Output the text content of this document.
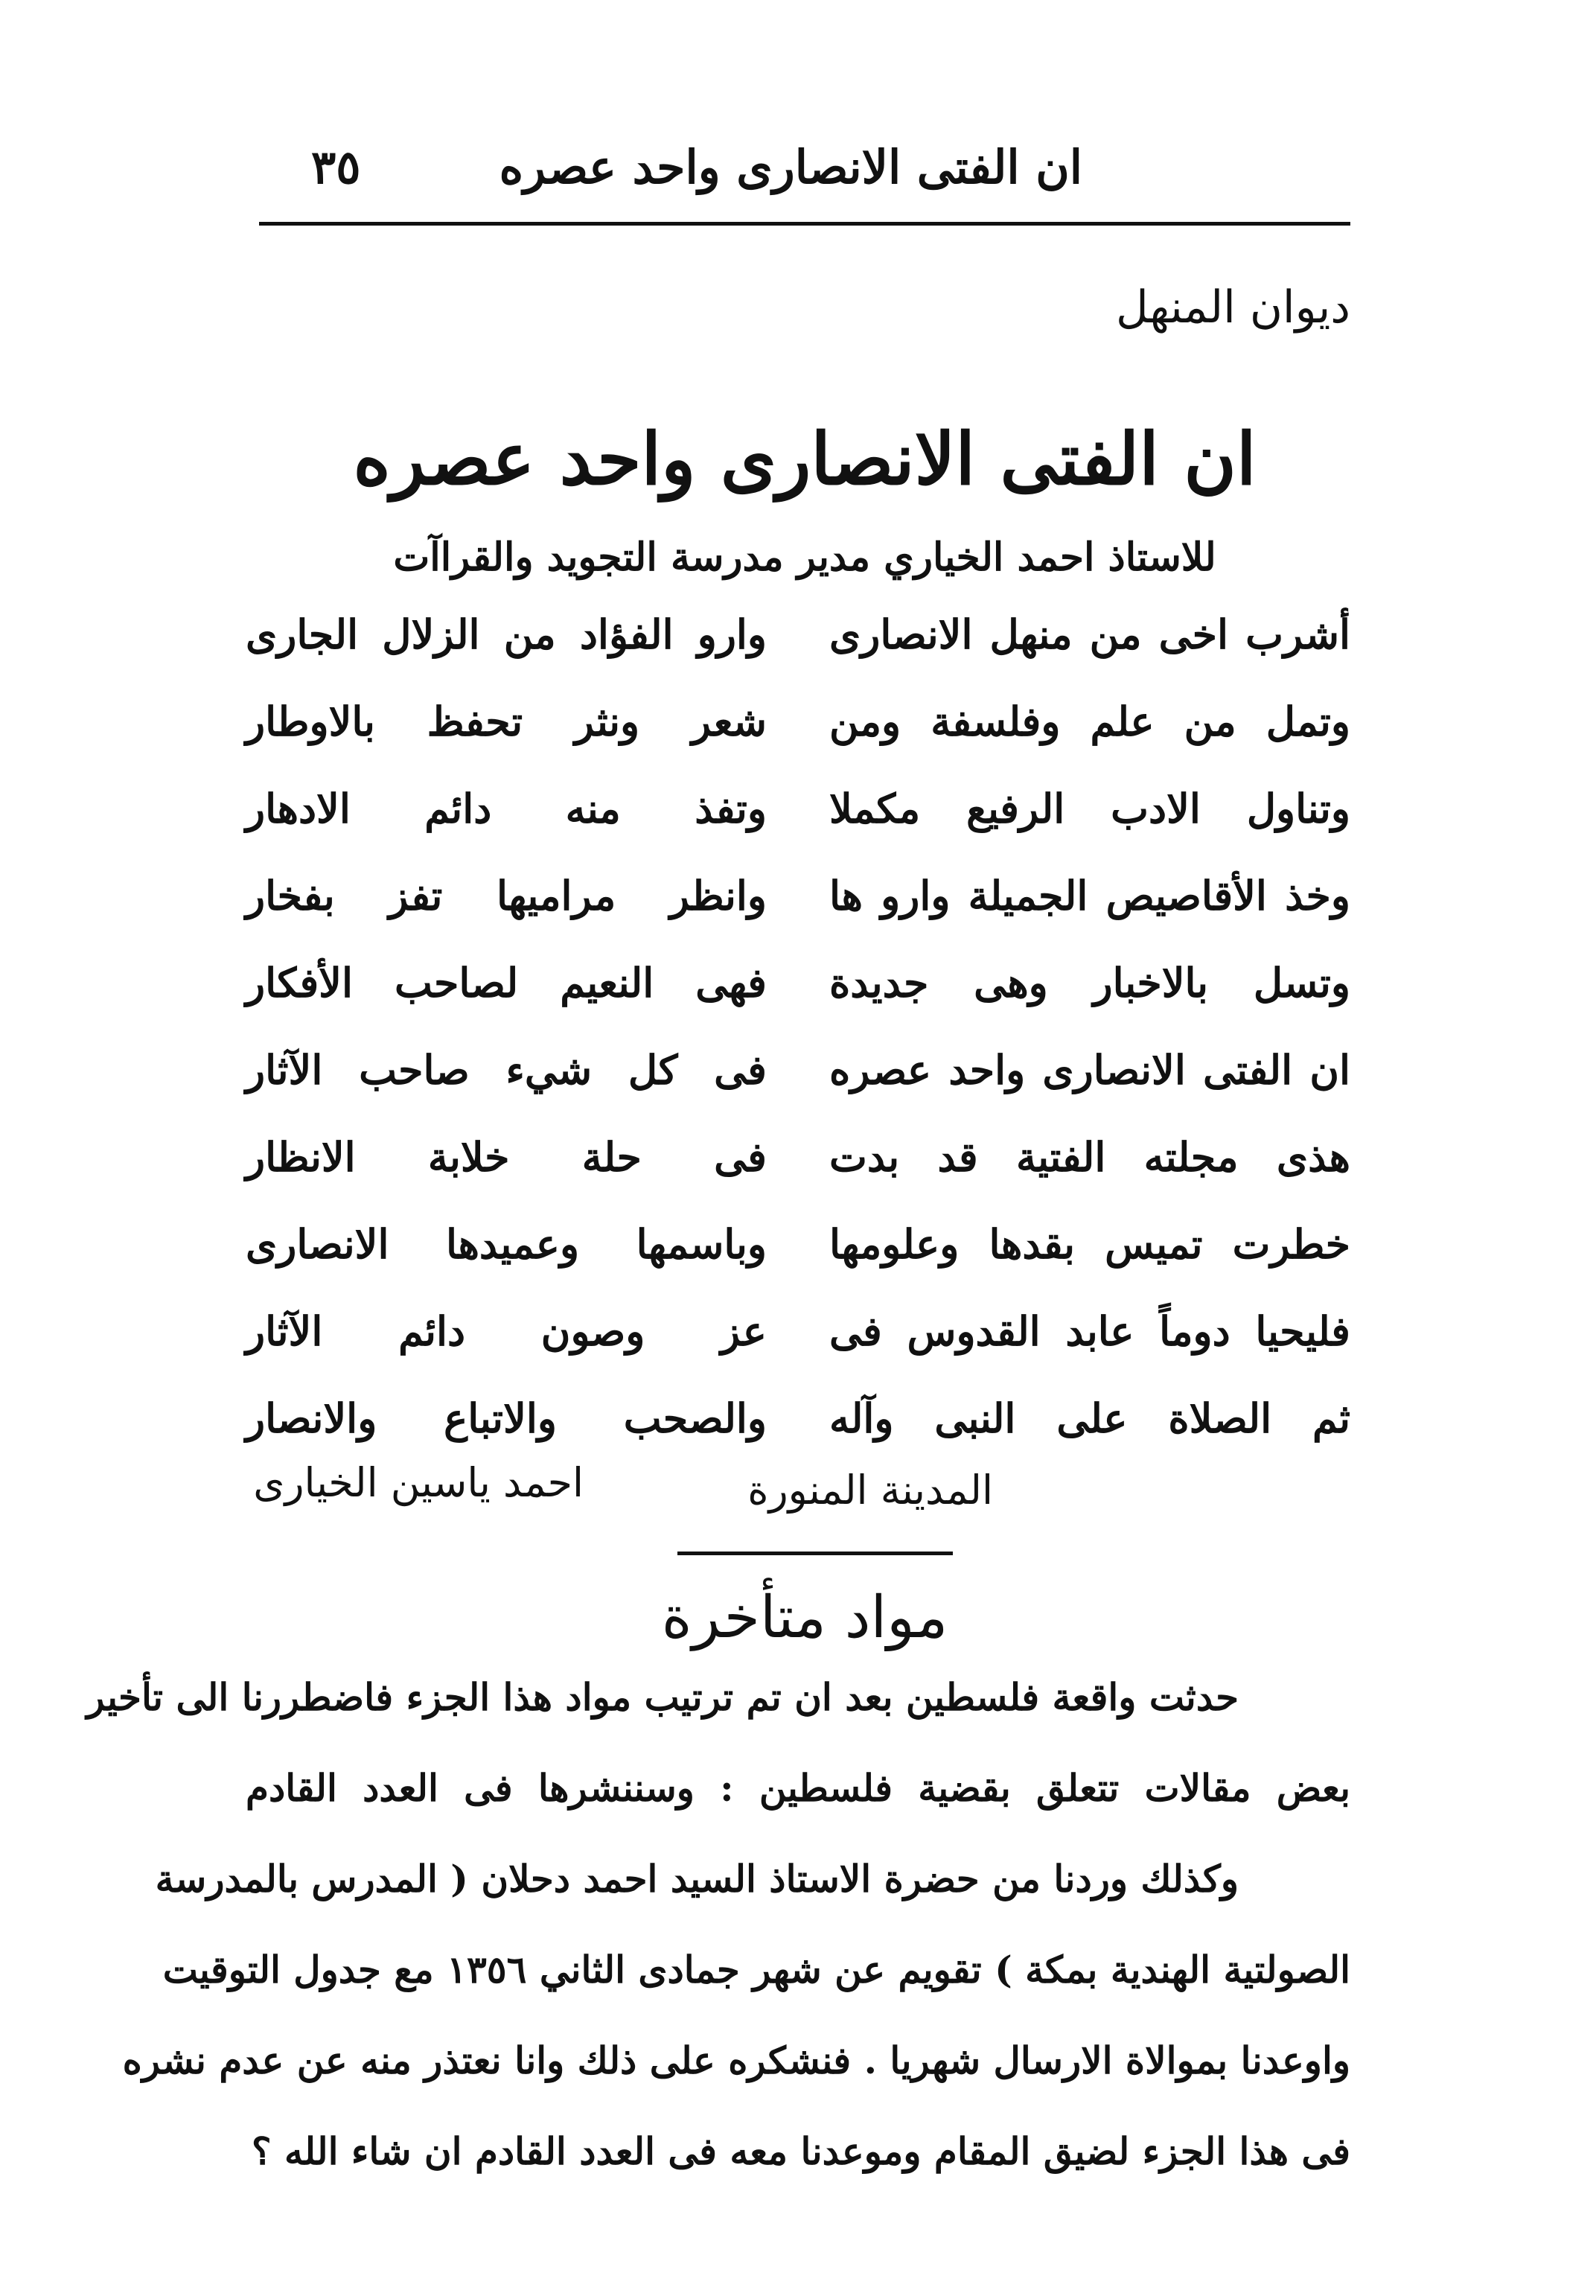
ان الفتى الانصارى واحد عصره
٣٥
ديوان المنهل
ان الفتى الانصارى واحد عصره
للاستاذ احمد الخياري مدير مدرسة التجويد والقراآت
أشرب اخى من منهل الانصارى
وارو الفؤاد من الزلال الجارى
وتمل من علم وفلسفة ومن
شعر ونثر تحفظ بالاوطار
وتناول الادب الرفيع مكملا
وتفذ منه دائم الادهار
وخذ الأقاصيص الجميلة وارو ها
وانظر مراميها تفز بفخار
وتسل بالاخبار وهى جديدة
فهى النعيم لصاحب الأفكار
ان الفتى الانصارى واحد عصره
فى كل شيء صاحب الآثار
هذى مجلته الفتية قد بدت
فى حلة خلابة الانظار
خطرت تميس بقدها وعلومها
وباسمها وعميدها الانصارى
فليحيا دوماً عابد القدوس فى
عز وصون دائم الآثار
ثم الصلاة على النبى وآله
والصحب والاتباع والانصار
المدينة المنورة
احمد ياسين الخيارى
مواد متأخرة
حدثت واقعة فلسطين بعد ان تم ترتيب مواد هذا الجزء فاضطررنا الى تأخير
بعض مقالات تتعلق بقضية فلسطين : وسننشرها فى العدد القادم
وكذلك وردنا من حضرة الاستاذ السيد احمد دحلان ( المدرس بالمدرسة
الصولتية الهندية بمكة ) تقويم عن شهر جمادى الثاني ١٣٥٦ مع جدول التوقيت
واوعدنا بموالاة الارسال شهريا . فنشكره على ذلك وانا نعتذر منه عن عدم نشره
فى هذا الجزء لضيق المقام وموعدنا معه فى العدد القادم ان شاء الله ؟
